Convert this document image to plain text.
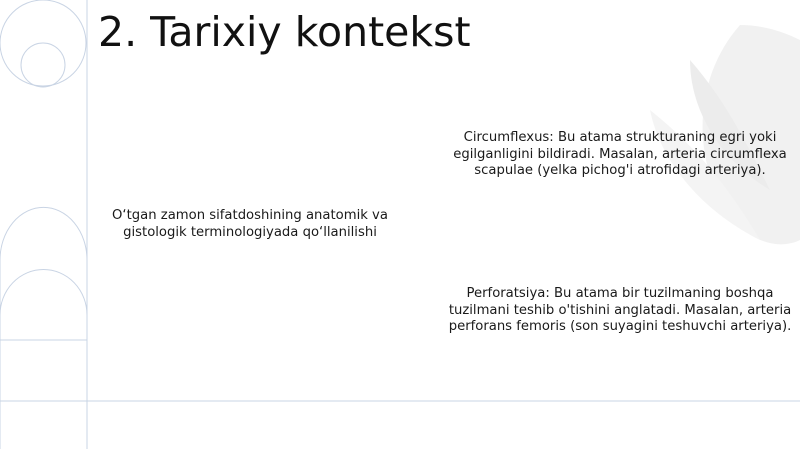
2. Tarixiy kontekst

O‘tgan zamon sifatdoshining anatomik va gistologik terminologiyada qo‘llanilishi

Circumflexus: Bu atama strukturaning egri yoki egilganligini bildiradi. Masalan, arteria circumflexa scapulae (yelka pichog'i atrofidagi arteriya).

Perforatsiya: Bu atama bir tuzilmaning boshqa tuzilmani teshib o'tishini anglatadi. Masalan, arteria perforans femoris (son suyagini teshuvchi arteriya).
